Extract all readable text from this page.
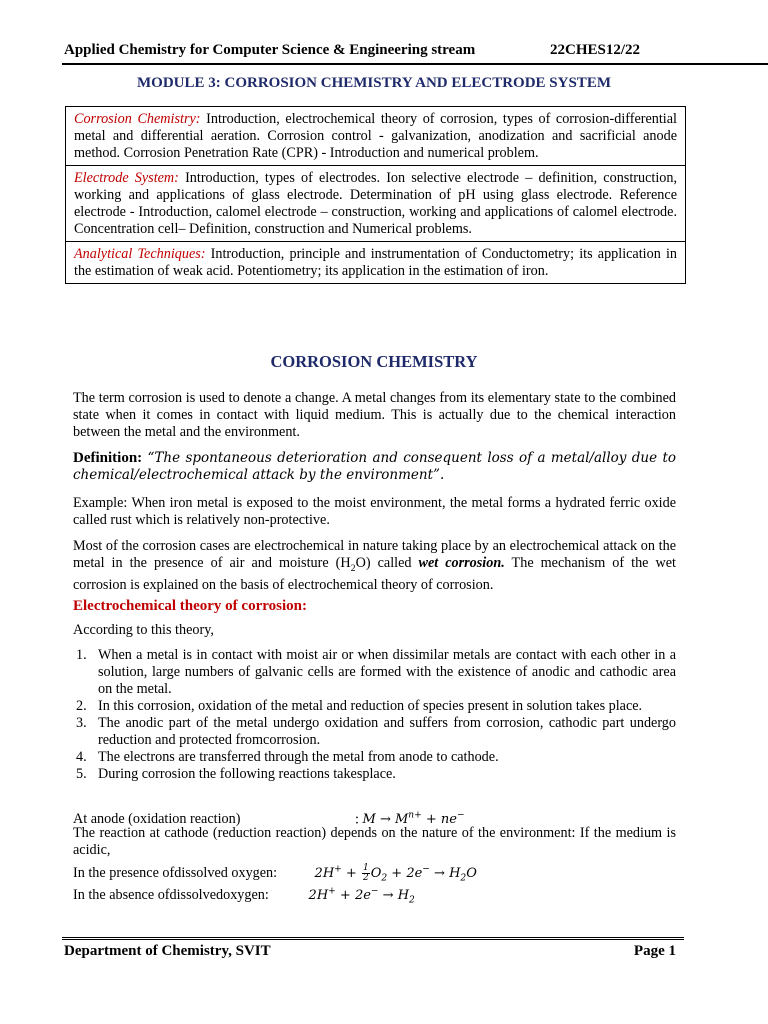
Applied Chemistry for Computer Science & Engineering stream	22CHES12/22
MODULE 3: CORROSION CHEMISTRY AND ELECTRODE SYSTEM
Corrosion Chemistry: Introduction, electrochemical theory of corrosion, types of corrosion-differential metal and differential aeration. Corrosion control - galvanization, anodization and sacrificial anode method. Corrosion Penetration Rate (CPR) - Introduction and numerical problem.
Electrode System: Introduction, types of electrodes. Ion selective electrode – definition, construction, working and applications of glass electrode. Determination of pH using glass electrode. Reference electrode - Introduction, calomel electrode – construction, working and applications of calomel electrode. Concentration cell– Definition, construction and Numerical problems.
Analytical Techniques: Introduction, principle and instrumentation of Conductometry; its application in the estimation of weak acid. Potentiometry; its application in the estimation of iron.
CORROSION CHEMISTRY
The term corrosion is used to denote a change. A metal changes from its elementary state to the combined state when it comes in contact with liquid medium. This is actually due to the chemical interaction between the metal and the environment.
Definition: “The spontaneous deterioration and consequent loss of a metal/alloy due to chemical/electrochemical attack by the environment”.
Example: When iron metal is exposed to the moist environment, the metal forms a hydrated ferric oxide called rust which is relatively non-protective.
Most of the corrosion cases are electrochemical in nature taking place by an electrochemical attack on the metal in the presence of air and moisture $(H_2O)$ called wet corrosion. The mechanism of the wet corrosion is explained on the basis of electrochemical theory of corrosion.
Electrochemical theory of corrosion:
According to this theory,
1. When a metal is in contact with moist air or when dissimilar metals are contact with each other in a solution, large numbers of galvanic cells are formed with the existence of anodic and cathodic area on the metal.
2. In this corrosion, oxidation of the metal and reduction of species present in solution takes place.
3. The anodic part of the metal undergo oxidation and suffers from corrosion, cathodic part undergo reduction and protected fromcorrosion.
4. The electrons are transferred through the metal from anode to cathode.
5. During corrosion the following reactions takesplace.
At anode (oxidation reaction)	: $M \to M^{n+} + ne^-$
The reaction at cathode (reduction reaction) depends on the nature of the environment: If the medium is acidic,
In the presence ofdissolved oxygen:	$2H^+ + \frac{1}{2} O_2 + 2e^- \to H_2O$
In the absence ofdissolvedoxygen:	$2H^+ + 2e^- \to H_2$
Department of Chemistry, SVIT	Page 1
